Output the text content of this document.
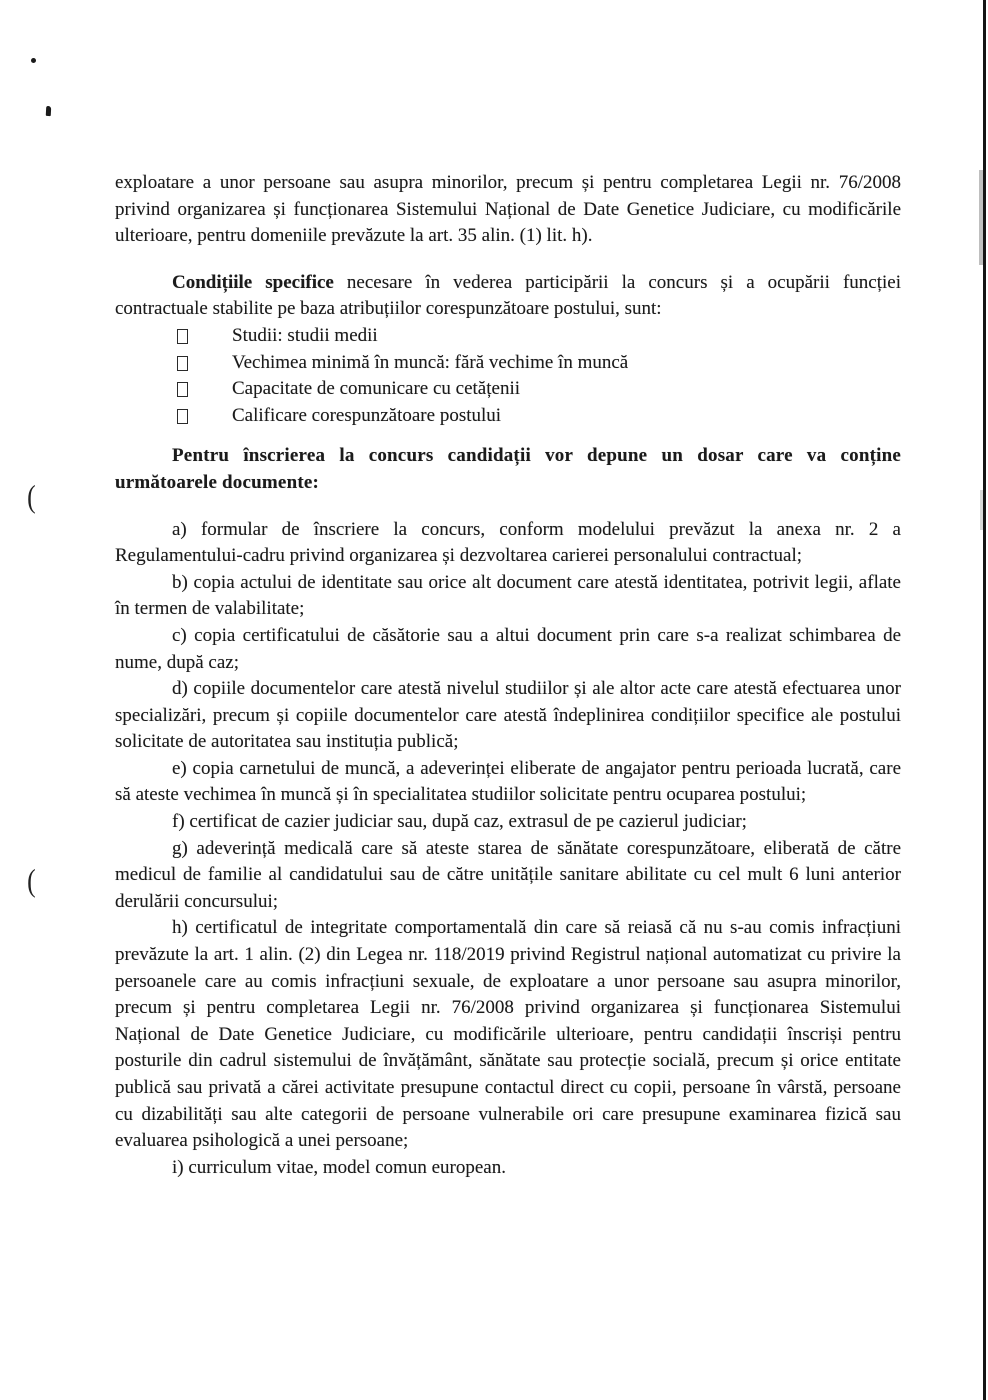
(
(

exploatare a unor persoane sau asupra minorilor, precum și pentru completarea Legii nr. 76/2008 privind organizarea și funcționarea Sistemului Național de Date Genetice Judiciare, cu modificările ulterioare, pentru domeniile prevăzute la art. 35 alin. (1) lit. h).

Condițiile specifice necesare în vederea participării la concurs și a ocupării funcției contractuale stabilite pe baza atribuțiilor corespunzătoare postului, sunt:

Studii: studii medii
Vechimea minimă în muncă: fără vechime în muncă
Capacitate de comunicare cu cetățenii
Calificare corespunzătoare postului

Pentru înscrierea la concurs candidații vor depune un dosar care va conține următoarele documente:

a) formular de înscriere la concurs, conform modelului prevăzut la anexa nr. 2 a Regulamentului-cadru privind organizarea și dezvoltarea carierei personalului contractual;

b) copia actului de identitate sau orice alt document care atestă identitatea, potrivit legii, aflate în termen de valabilitate;

c) copia certificatului de căsătorie sau a altui document prin care s-a realizat schimbarea de nume, după caz;

d) copiile documentelor care atestă nivelul studiilor și ale altor acte care atestă efectuarea unor specializări, precum și copiile documentelor care atestă îndeplinirea condițiilor specifice ale postului solicitate de autoritatea sau instituția publică;

e) copia carnetului de muncă, a adeverinței eliberate de angajator pentru perioada lucrată, care să ateste vechimea în muncă și în specialitatea studiilor solicitate pentru ocuparea postului;

f) certificat de cazier judiciar sau, după caz, extrasul de pe cazierul judiciar;

g) adeverință medicală care să ateste starea de sănătate corespunzătoare, eliberată de către medicul de familie al candidatului sau de către unitățile sanitare abilitate cu cel mult 6 luni anterior derulării concursului;

h) certificatul de integritate comportamentală din care să reiasă că nu s-au comis infracțiuni prevăzute la art. 1 alin. (2) din Legea nr. 118/2019 privind Registrul național automatizat cu privire la persoanele care au comis infracțiuni sexuale, de exploatare a unor persoane sau asupra minorilor, precum și pentru completarea Legii nr. 76/2008 privind organizarea și funcționarea Sistemului Național de Date Genetice Judiciare, cu modificările ulterioare, pentru candidații înscriși pentru posturile din cadrul sistemului de învățământ, sănătate sau protecție socială, precum și orice entitate publică sau privată a cărei activitate presupune contactul direct cu copii, persoane în vârstă, persoane cu dizabilități sau alte categorii de persoane vulnerabile ori care presupune examinarea fizică sau evaluarea psihologică a unei persoane;

i) curriculum vitae, model comun european.
